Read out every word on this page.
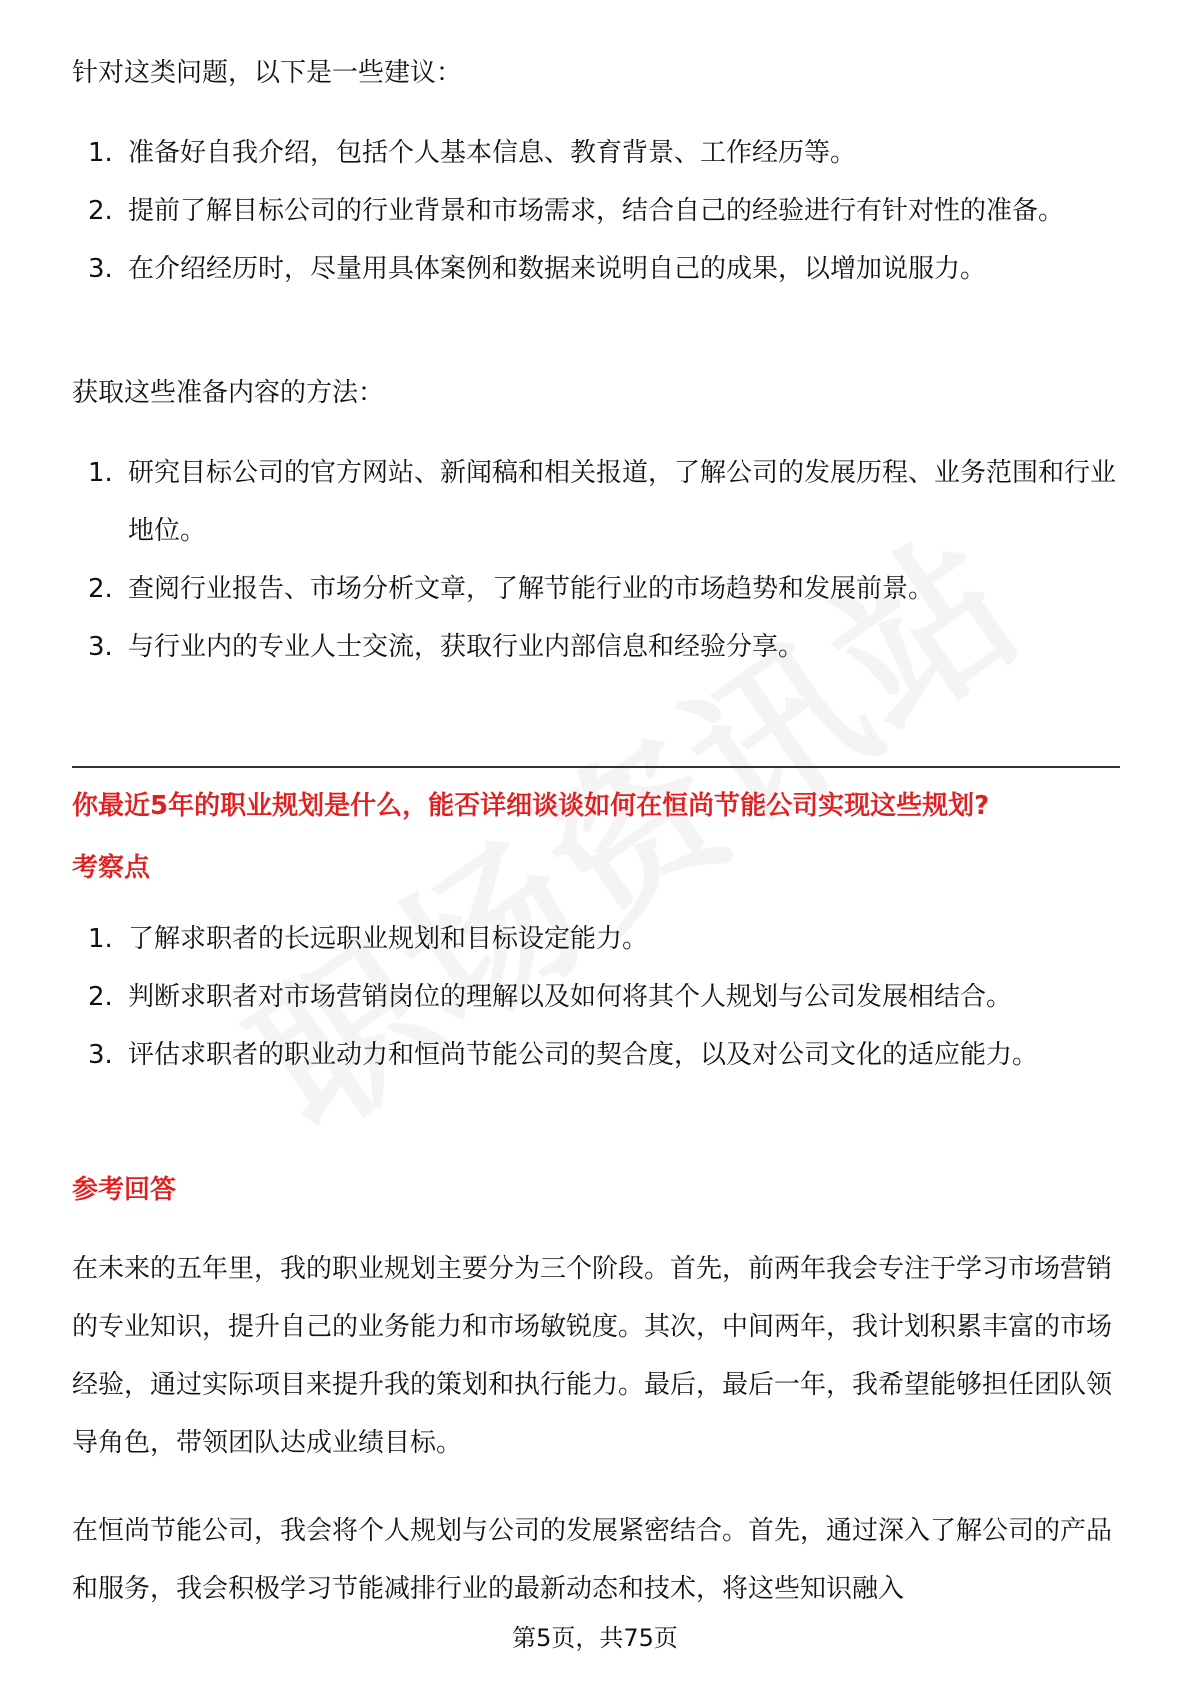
针对这类问题，以下是一些建议：

1. 准备好自我介绍，包括个人基本信息、教育背景、工作经历等。
2. 提前了解目标公司的行业背景和市场需求，结合自己的经验进行有针对性的准备。
3. 在介绍经历时，尽量用具体案例和数据来说明自己的成果，以增加说服力。

获取这些准备内容的方法：

1. 研究目标公司的官方网站、新闻稿和相关报道，了解公司的发展历程、业务范围和行业地位。
2. 查阅行业报告、市场分析文章，了解节能行业的市场趋势和发展前景。
3. 与行业内的专业人士交流，获取行业内部信息和经验分享。

你最近5年的职业规划是什么，能否详细谈谈如何在恒尚节能公司实现这些规划?

考察点

1. 了解求职者的长远职业规划和目标设定能力。
2. 判断求职者对市场营销岗位的理解以及如何将其个人规划与公司发展相结合。
3. 评估求职者的职业动力和恒尚节能公司的契合度，以及对公司文化的适应能力。

参考回答

在未来的五年里，我的职业规划主要分为三个阶段。首先，前两年我会专注于学习市场营销的专业知识，提升自己的业务能力和市场敏锐度。其次，中间两年，我计划积累丰富的市场经验，通过实际项目来提升我的策划和执行能力。最后，最后一年，我希望能够担任团队领导角色，带领团队达成业绩目标。

在恒尚节能公司，我会将个人规划与公司的发展紧密结合。首先，通过深入了解公司的产品和服务，我会积极学习节能减排行业的最新动态和技术，将这些知识融入

第5页，共75页
